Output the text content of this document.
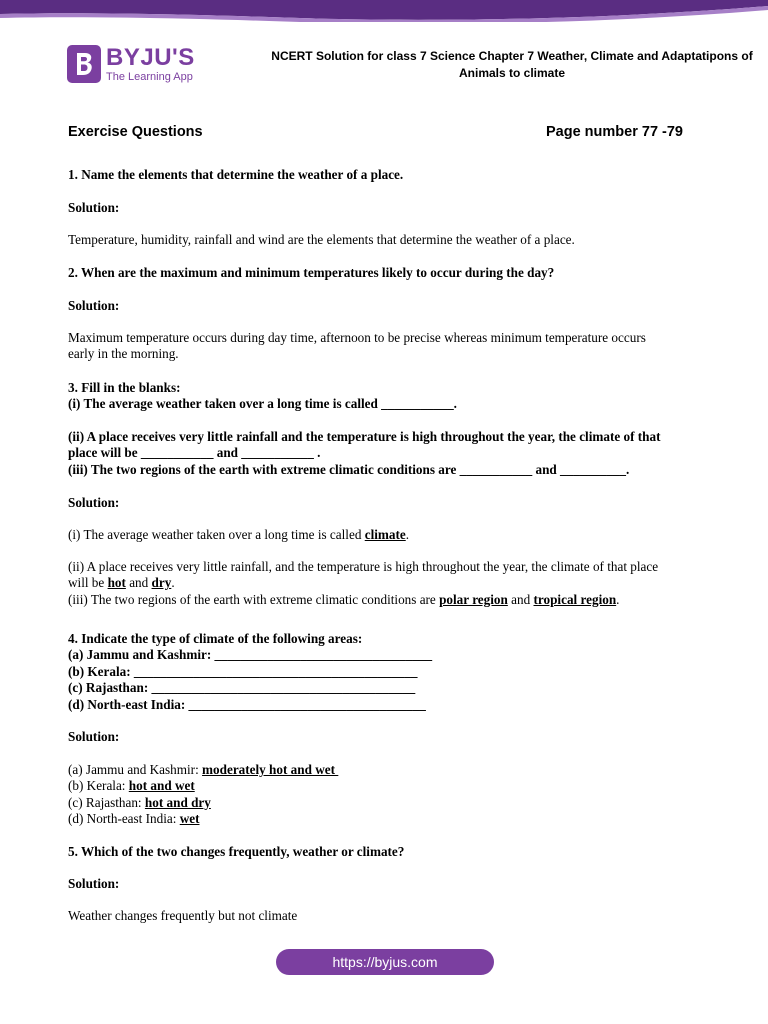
BYJU'S
The Learning App
NCERT Solution for class 7 Science Chapter 7 Weather, Climate and Adaptatipons of
Animals to climate
Exercise Questions	Page number 77 -79
1. Name the elements that determine the weather of a place.
Solution:
Temperature, humidity, rainfall and wind are the elements that determine the weather of a place.
2. When are the maximum and minimum temperatures likely to occur during the day?
Solution:
Maximum temperature occurs during day time, afternoon to be precise whereas minimum temperature occurs
early in the morning.
3. Fill in the blanks:
(i) The average weather taken over a long time is called ___________.
(ii) A place receives very little rainfall and the temperature is high throughout the year, the climate of that
place will be ___________ and ___________ .
(iii) The two regions of the earth with extreme climatic conditions are ___________ and __________.
Solution:
(i) The average weather taken over a long time is called climate.
(ii) A place receives very little rainfall, and the temperature is high throughout the year, the climate of that place
will be hot and dry.
(iii) The two regions of the earth with extreme climatic conditions are polar region and tropical region.
4. Indicate the type of climate of the following areas:
(a) Jammu and Kashmir: _________________________________
(b) Kerala: ___________________________________________
(c) Rajasthan: ________________________________________
(d) North-east India: ____________________________________
Solution:
(a) Jammu and Kashmir: moderately hot and wet
(b) Kerala: hot and wet
(c) Rajasthan: hot and dry
(d) North-east India: wet
5. Which of the two changes frequently, weather or climate?
Solution:
Weather changes frequently but not climate
https://byjus.com
